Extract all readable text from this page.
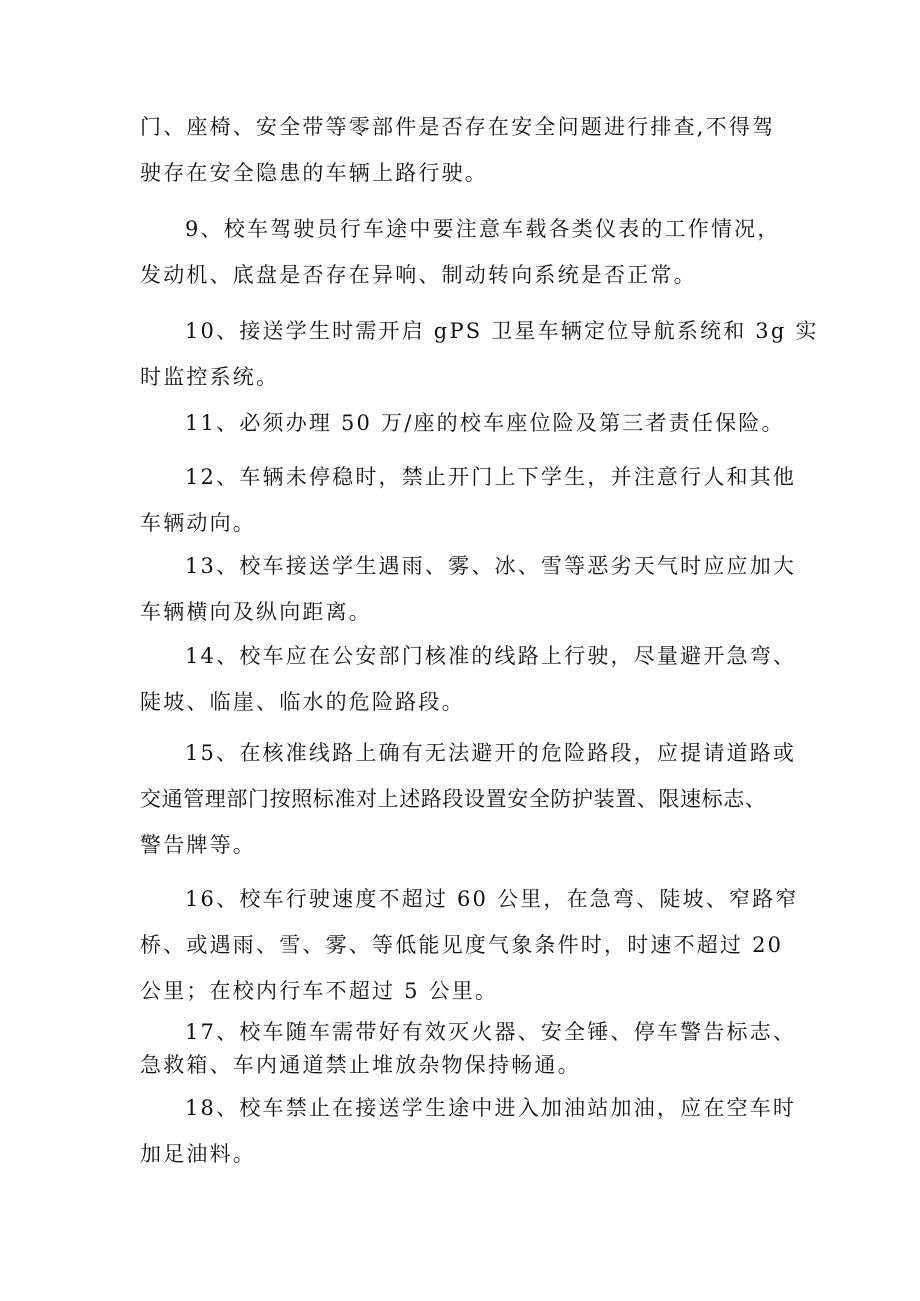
门、座椅、安全带等零部件是否存在安全问题进行排查,不得驾
驶存在安全隐患的车辆上路行驶。
9、校车驾驶员行车途中要注意车载各类仪表的工作情况，
发动机、底盘是否存在异响、制动转向系统是否正常。
10、接送学生时需开启 gPS 卫星车辆定位导航系统和 3g 实
时监控系统。
11、必须办理 50 万/座的校车座位险及第三者责任保险。
12、车辆未停稳时，禁止开门上下学生，并注意行人和其他
车辆动向。
13、校车接送学生遇雨、雾、冰、雪等恶劣天气时应应加大
车辆横向及纵向距离。
14、校车应在公安部门核准的线路上行驶，尽量避开急弯、
陡坡、临崖、临水的危险路段。
15、在核准线路上确有无法避开的危险路段，应提请道路或
交通管理部门按照标准对上述路段设置安全防护装置、限速标志、
警告牌等。
16、校车行驶速度不超过 60 公里，在急弯、陡坡、窄路窄
桥、或遇雨、雪、雾、等低能见度气象条件时，时速不超过 20
公里；在校内行车不超过 5 公里。
17、校车随车需带好有效灭火器、安全锤、停车警告标志、
急救箱、车内通道禁止堆放杂物保持畅通。
18、校车禁止在接送学生途中进入加油站加油，应在空车时
加足油料。
